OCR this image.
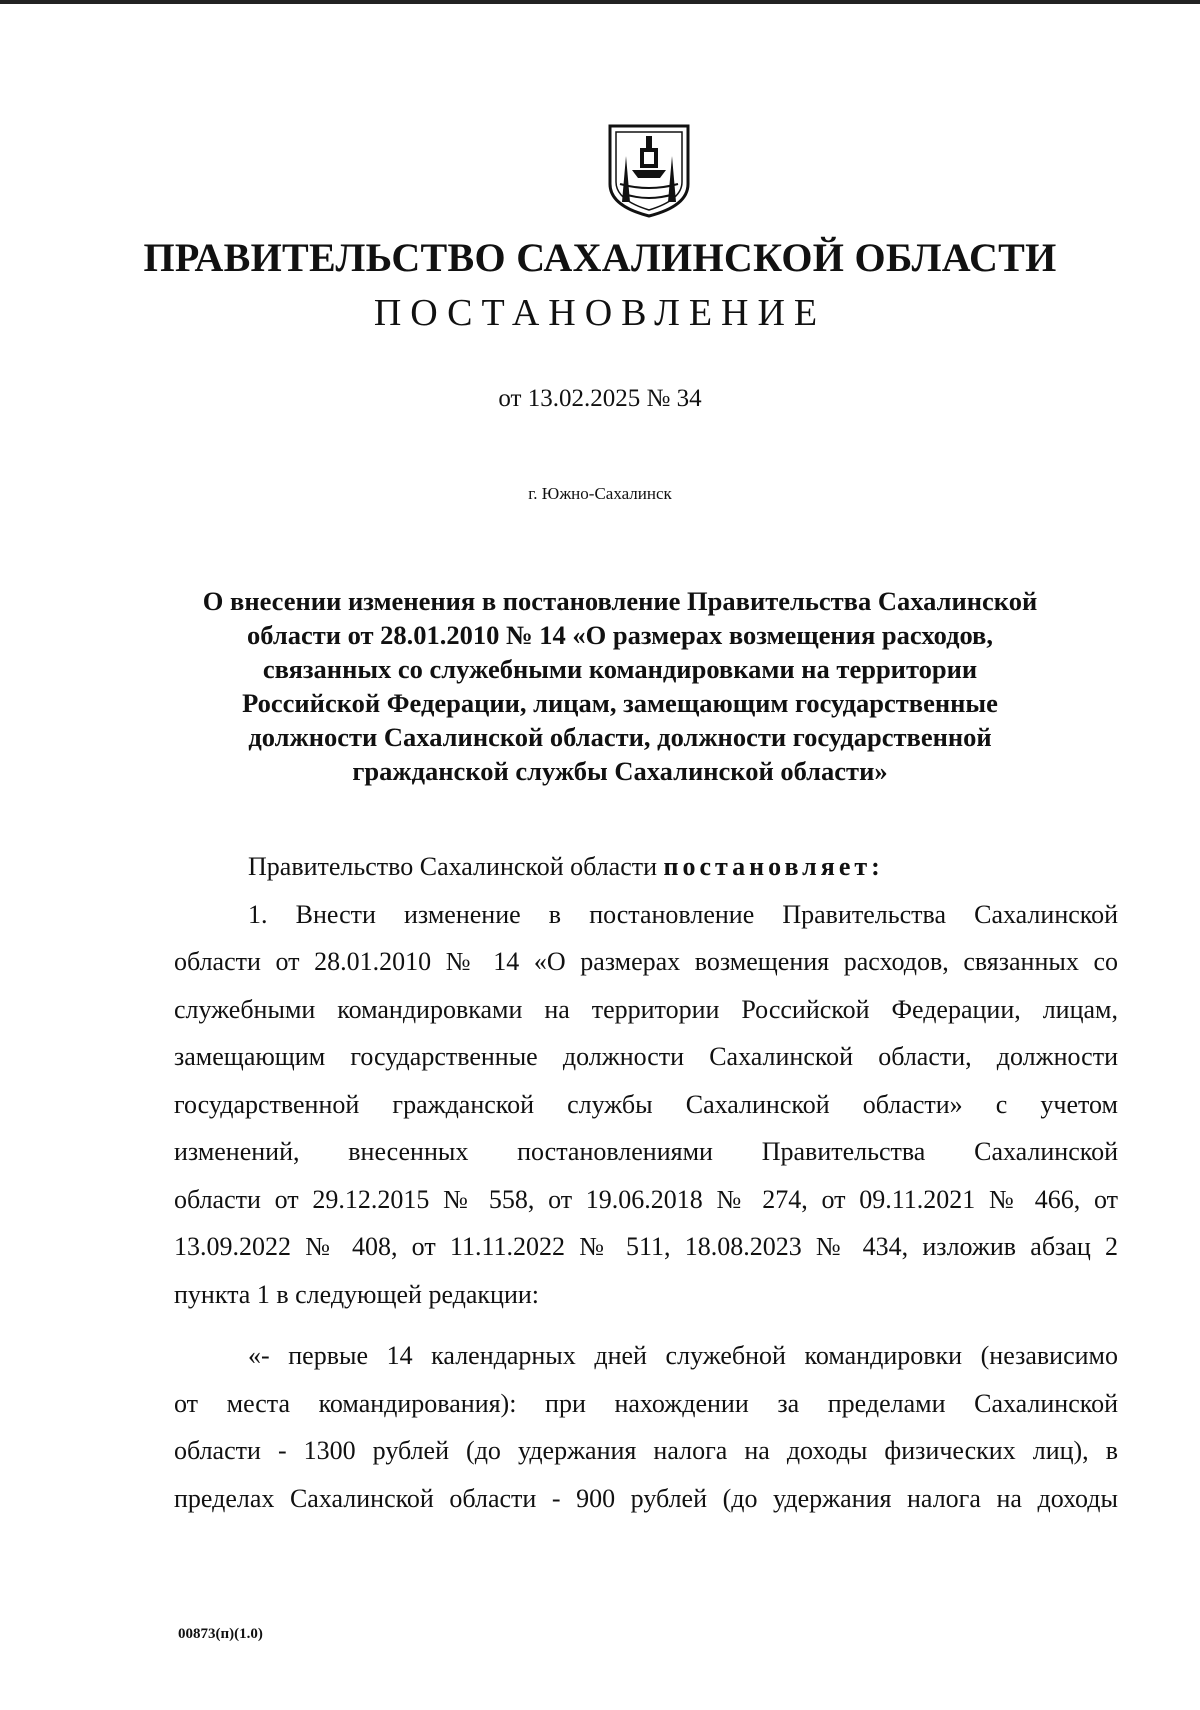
ПРАВИТЕЛЬСТВО САХАЛИНСКОЙ ОБЛАСТИ
ПОСТАНОВЛЕНИЕ
от 13.02.2025 № 34
г. Южно-Сахалинск
О внесении изменения в постановление Правительства Сахалинской
области от 28.01.2010 № 14 «О размерах возмещения расходов,
связанных со служебными командировками на территории
Российской Федерации, лицам, замещающим государственные
должности Сахалинской области, должности государственной
гражданской службы Сахалинской области»
Правительство Сахалинской области постановляет:
1. Внести изменение в постановление Правительства Сахалинской
области от 28.01.2010 № 14 «О размерах возмещения расходов, связанных со
служебными командировками на территории Российской Федерации, лицам,
замещающим государственные должности Сахалинской области, должности
государственной гражданской службы Сахалинской области» с учетом
изменений, внесенных постановлениями Правительства Сахалинской
области от 29.12.2015 № 558, от 19.06.2018 № 274, от 09.11.2021 № 466, от
13.09.2022 № 408, от 11.11.2022 № 511, 18.08.2023 № 434, изложив абзац 2
пункта 1 в следующей редакции:
«- первые 14 календарных дней служебной командировки (независимо
от места командирования): при нахождении за пределами Сахалинской
области - 1300 рублей (до удержания налога на доходы физических лиц), в
пределах Сахалинской области - 900 рублей (до удержания налога на доходы
00873(п)(1.0)
